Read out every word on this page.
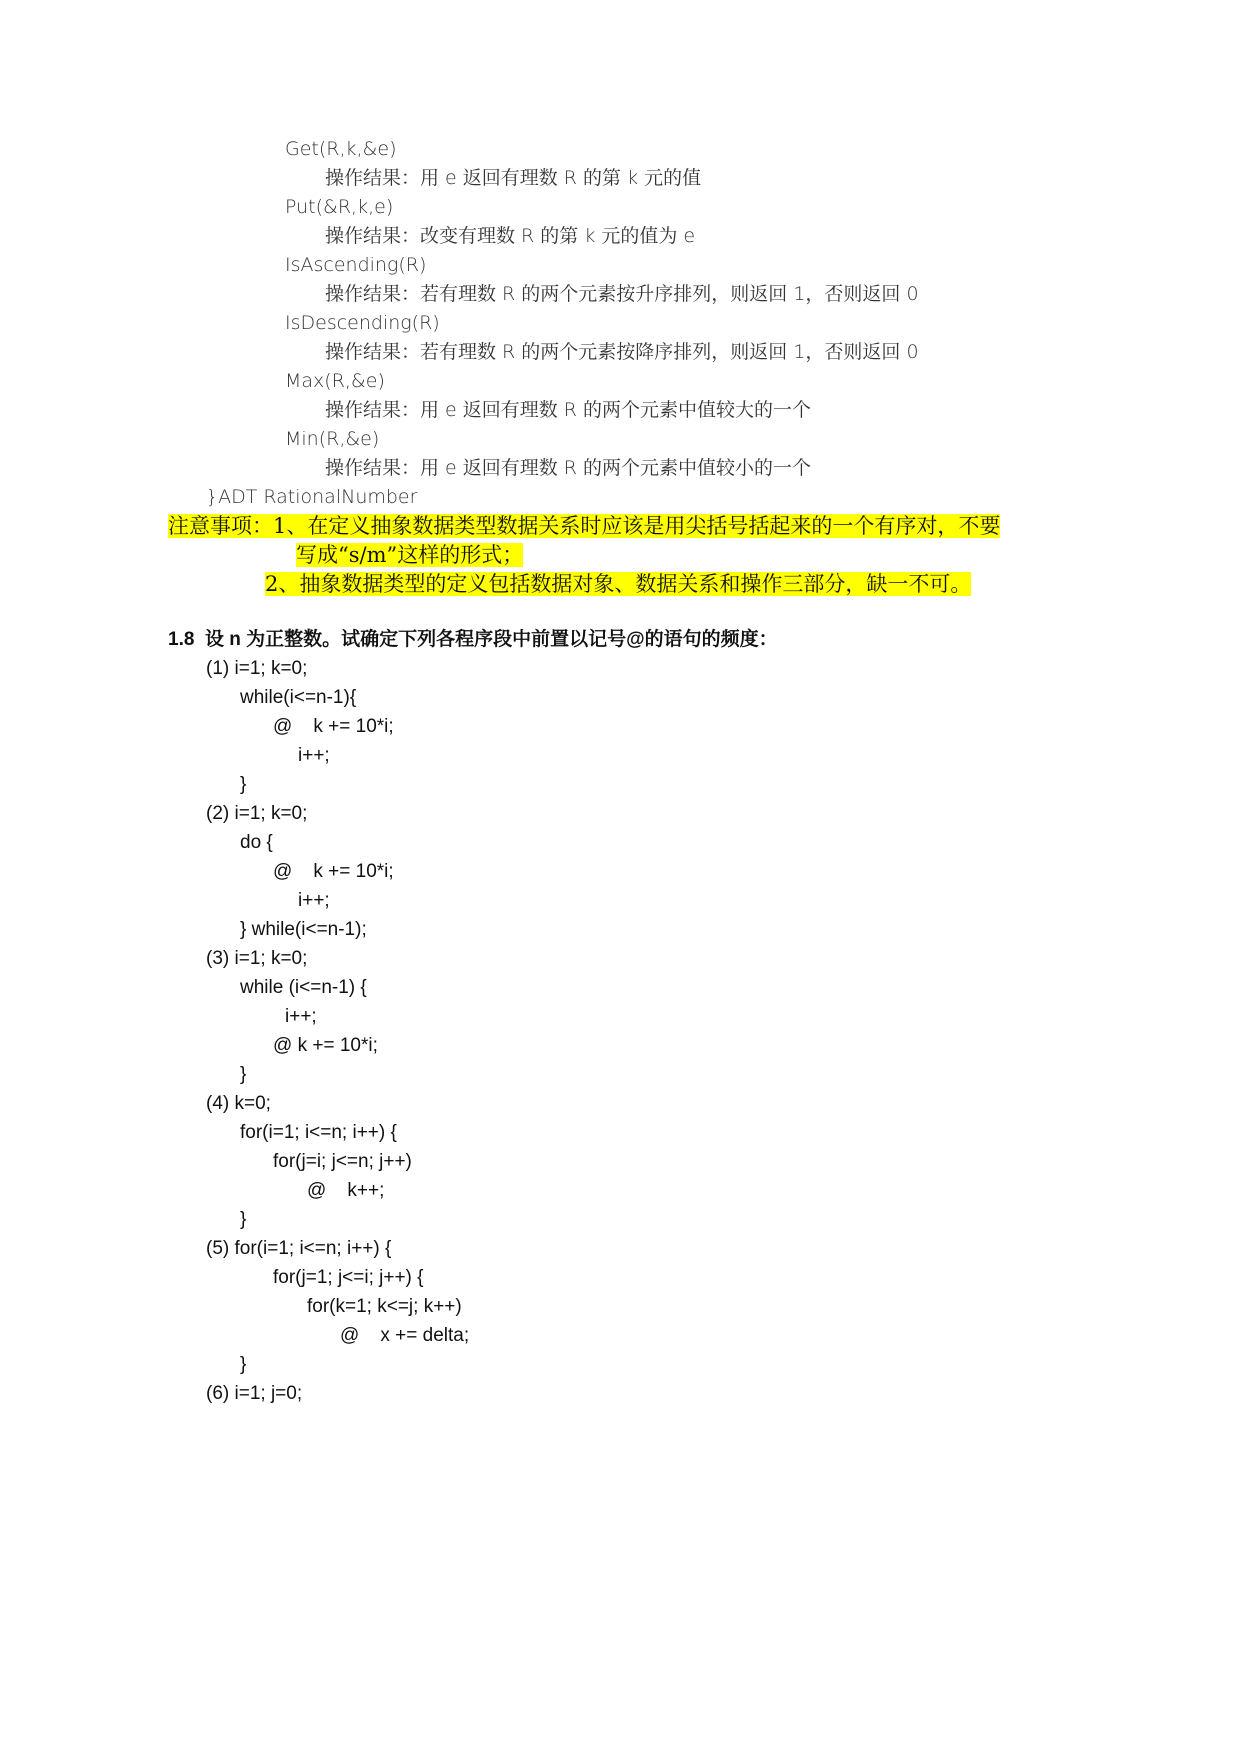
Get(R,k,&e)
操作结果：用 e 返回有理数 R 的第 k 元的值
Put(&R,k,e)
操作结果：改变有理数 R 的第 k 元的值为 e
IsAscending(R)
操作结果：若有理数 R 的两个元素按升序排列，则返回 1，否则返回 0
IsDescending(R)
操作结果：若有理数 R 的两个元素按降序排列，则返回 1，否则返回 0
Max(R,&e)
操作结果：用 e 返回有理数 R 的两个元素中值较大的一个
Min(R,&e)
操作结果：用 e 返回有理数 R 的两个元素中值较小的一个
}ADT RationalNumber
注意事项：1、在定义抽象数据类型数据关系时应该是用尖括号括起来的一个有序对，不要
写成“s/m”这样的形式；
2、抽象数据类型的定义包括数据对象、数据关系和操作三部分，缺一不可。
1.8  设 n 为正整数。试确定下列各程序段中前置以记号@的语句的频度：
(1) i=1; k=0;
while(i<=n-1){
@    k += 10*i;
i++;
}
(2) i=1; k=0;
do {
@    k += 10*i;
i++;
} while(i<=n-1);
(3) i=1; k=0;
while (i<=n-1) {
i++;
@ k += 10*i;
}
(4) k=0;
for(i=1; i<=n; i++) {
for(j=i; j<=n; j++)
@    k++;
}
(5) for(i=1; i<=n; i++) {
for(j=1; j<=i; j++) {
for(k=1; k<=j; k++)
@    x += delta;
}
(6) i=1; j=0;
